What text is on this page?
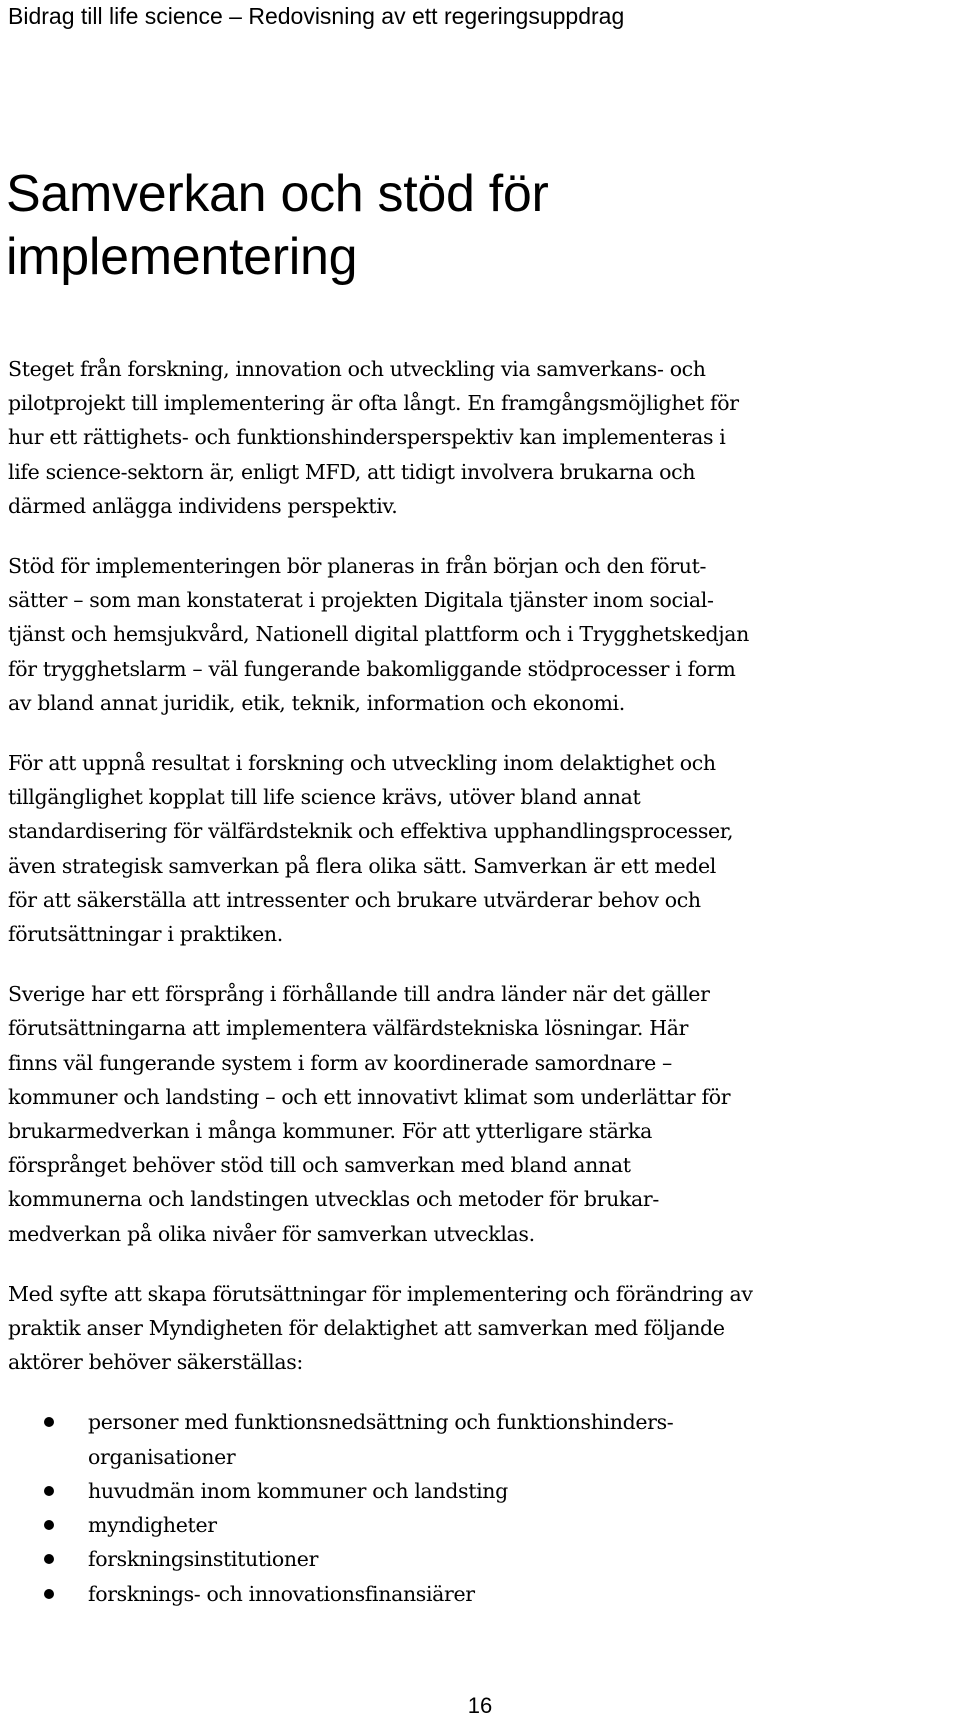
Bidrag till life science – Redovisning av ett regeringsuppdrag
Samverkan och stöd för
implementering

Steget från forskning, innovation och utveckling via samverkans- och
pilotprojekt till implementering är ofta långt. En framgångsmöjlighet för
hur ett rättighets- och funktionshindersperspektiv kan implementeras i
life science-sektorn är, enligt MFD, att tidigt involvera brukarna och
därmed anlägga individens perspektiv.

Stöd för implementeringen bör planeras in från början och den förut-
sätter – som man konstaterat i projekten Digitala tjänster inom social-
tjänst och hemsjukvård, Nationell digital plattform och i Trygghetskedjan
för trygghetslarm – väl fungerande bakomliggande stödprocesser i form
av bland annat juridik, etik, teknik, information och ekonomi.

För att uppnå resultat i forskning och utveckling inom delaktighet och
tillgänglighet kopplat till life science krävs, utöver bland annat
standardisering för välfärdsteknik och effektiva upphandlingsprocesser,
även strategisk samverkan på flera olika sätt. Samverkan är ett medel
för att säkerställa att intressenter och brukare utvärderar behov och
förutsättningar i praktiken.

Sverige har ett försprång i förhållande till andra länder när det gäller
förutsättningarna att implementera välfärdstekniska lösningar. Här
finns väl fungerande system i form av koordinerade samordnare –
kommuner och landsting – och ett innovativt klimat som underlättar för
brukarmedverkan i många kommuner. För att ytterligare stärka
försprånget behöver stöd till och samverkan med bland annat
kommunerna och landstingen utvecklas och metoder för brukar-
medverkan på olika nivåer för samverkan utvecklas.

Med syfte att skapa förutsättningar för implementering och förändring av
praktik anser Myndigheten för delaktighet att samverkan med följande
aktörer behöver säkerställas:

personer med funktionsnedsättning och funktionshinders-
organisationer
huvudmän inom kommuner och landsting
myndigheter
forskningsinstitutioner
forsknings- och innovationsfinansiärer
16
